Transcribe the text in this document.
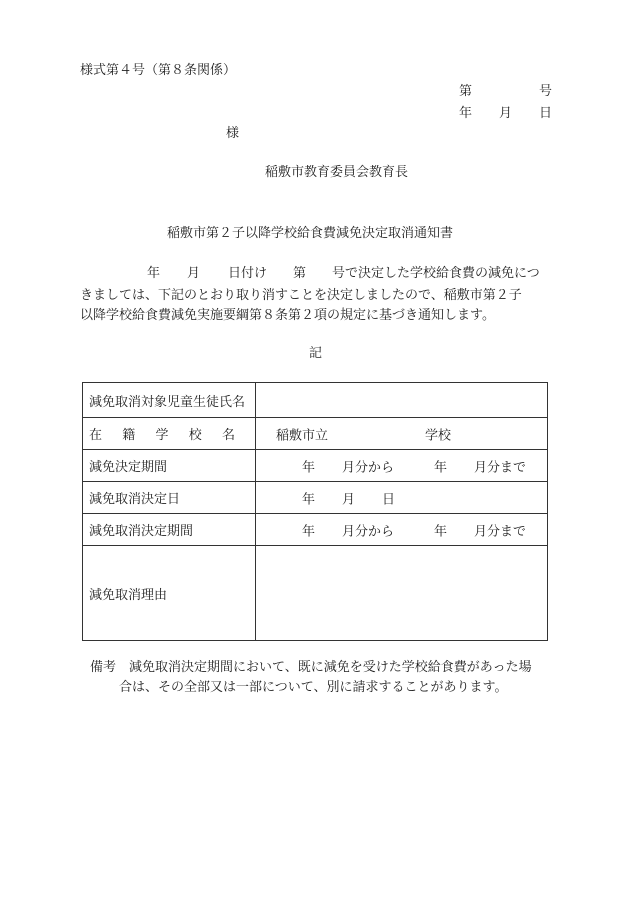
様式第４号（第８条関係）
第	号
年 月 日
様
稲敷市教育委員会教育長
稲敷市第２子以降学校給食費減免決定取消通知書
年 月 日付け 第 号で決定した学校給食費の減免につ
きましては、下記のとおり取り消すことを決定しましたので、稲敷市第２子
以降学校給食費減免実施要綱第８条第２項の規定に基づき通知します。
記
減免取消対象児童生徒氏名	

在 籍 学 校 名	稲敷市立 学校

減免決定期間	年 月分から 年 月分まで

減免取消決定日	年 月 日

減免取消決定期間	年 月分から 年 月分まで

減免取消理由	
備考　 減免取消決定期間において、既に減免を受けた学校給食費があった場
合は、その全部又は一部について、別に請求することがあります。
